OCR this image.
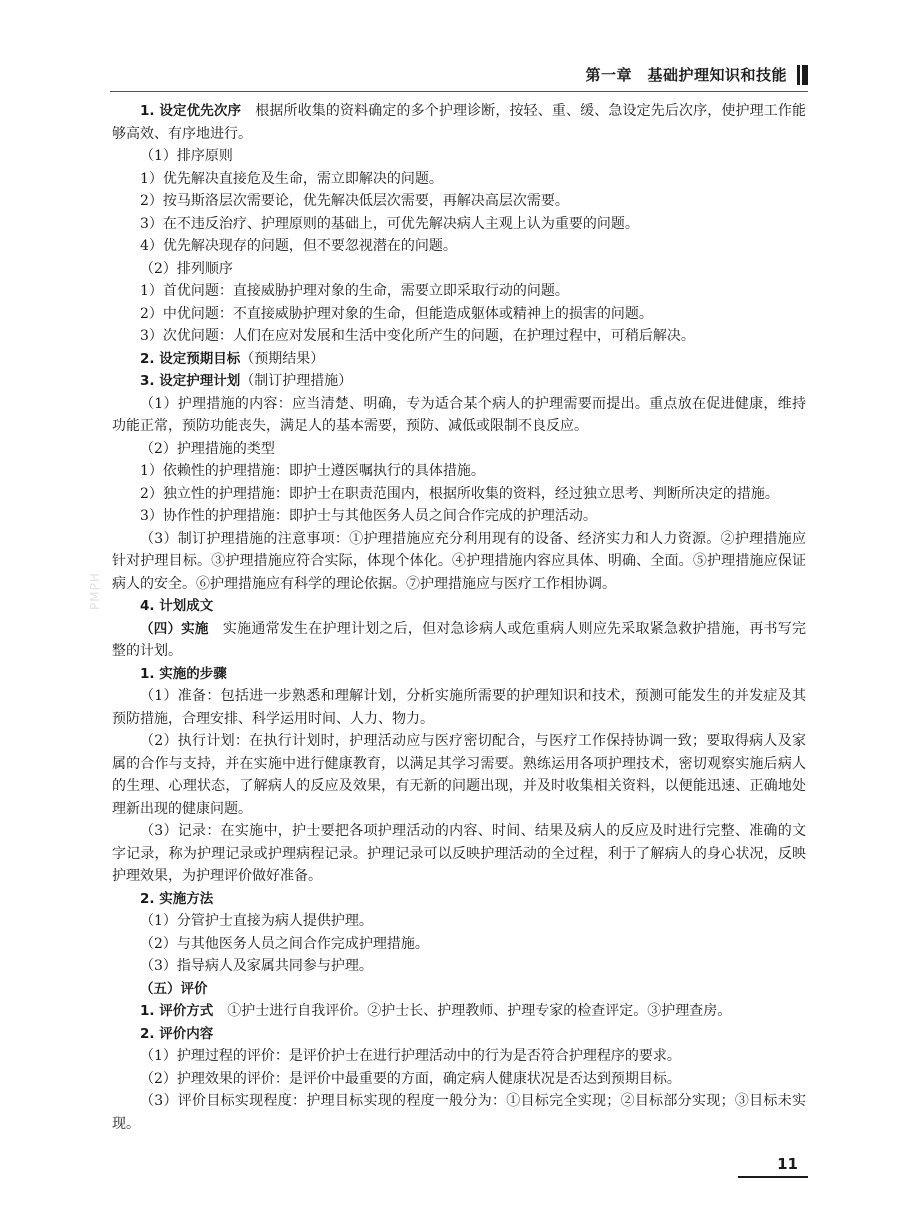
第一章　基础护理知识和技能
PMPH

1. 设定优先次序　根据所收集的资料确定的多个护理诊断，按轻、重、缓、急设定先后次序，使护理工作能够高效、有序地进行。

（1）排序原则

1）优先解决直接危及生命，需立即解决的问题。

2）按马斯洛层次需要论，优先解决低层次需要，再解决高层次需要。

3）在不违反治疗、护理原则的基础上，可优先解决病人主观上认为重要的问题。

4）优先解决现存的问题，但不要忽视潜在的问题。

（2）排列顺序

1）首优问题：直接威胁护理对象的生命，需要立即采取行动的问题。

2）中优问题：不直接威胁护理对象的生命，但能造成躯体或精神上的损害的问题。

3）次优问题：人们在应对发展和生活中变化所产生的问题，在护理过程中，可稍后解决。

2. 设定预期目标（预期结果）

3. 设定护理计划（制订护理措施）

（1）护理措施的内容：应当清楚、明确，专为适合某个病人的护理需要而提出。重点放在促进健康，维持功能正常，预防功能丧失，满足人的基本需要，预防、减低或限制不良反应。

（2）护理措施的类型

1）依赖性的护理措施：即护士遵医嘱执行的具体措施。

2）独立性的护理措施：即护士在职责范围内，根据所收集的资料，经过独立思考、判断所决定的措施。

3）协作性的护理措施：即护士与其他医务人员之间合作完成的护理活动。

（3）制订护理措施的注意事项：①护理措施应充分利用现有的设备、经济实力和人力资源。②护理措施应针对护理目标。③护理措施应符合实际，体现个体化。④护理措施内容应具体、明确、全面。⑤护理措施应保证病人的安全。⑥护理措施应有科学的理论依据。⑦护理措施应与医疗工作相协调。

4. 计划成文

（四）实施　实施通常发生在护理计划之后，但对急诊病人或危重病人则应先采取紧急救护措施，再书写完整的计划。

1. 实施的步骤

（1）准备：包括进一步熟悉和理解计划，分析实施所需要的护理知识和技术，预测可能发生的并发症及其预防措施，合理安排、科学运用时间、人力、物力。

（2）执行计划：在执行计划时，护理活动应与医疗密切配合，与医疗工作保持协调一致；要取得病人及家属的合作与支持，并在实施中进行健康教育，以满足其学习需要。熟练运用各项护理技术，密切观察实施后病人的生理、心理状态，了解病人的反应及效果，有无新的问题出现，并及时收集相关资料，以便能迅速、正确地处理新出现的健康问题。

（3）记录：在实施中，护士要把各项护理活动的内容、时间、结果及病人的反应及时进行完整、准确的文字记录，称为护理记录或护理病程记录。护理记录可以反映护理活动的全过程，利于了解病人的身心状况，反映护理效果，为护理评价做好准备。

2. 实施方法

（1）分管护士直接为病人提供护理。

（2）与其他医务人员之间合作完成护理措施。

（3）指导病人及家属共同参与护理。

（五）评价

1. 评价方式　①护士进行自我评价。②护士长、护理教师、护理专家的检查评定。③护理查房。

2. 评价内容

（1）护理过程的评价：是评价护士在进行护理活动中的行为是否符合护理程序的要求。

（2）护理效果的评价：是评价中最重要的方面，确定病人健康状况是否达到预期目标。

（3）评价目标实现程度：护理目标实现的程度一般分为：①目标完全实现；②目标部分实现；③目标未实现。

11
